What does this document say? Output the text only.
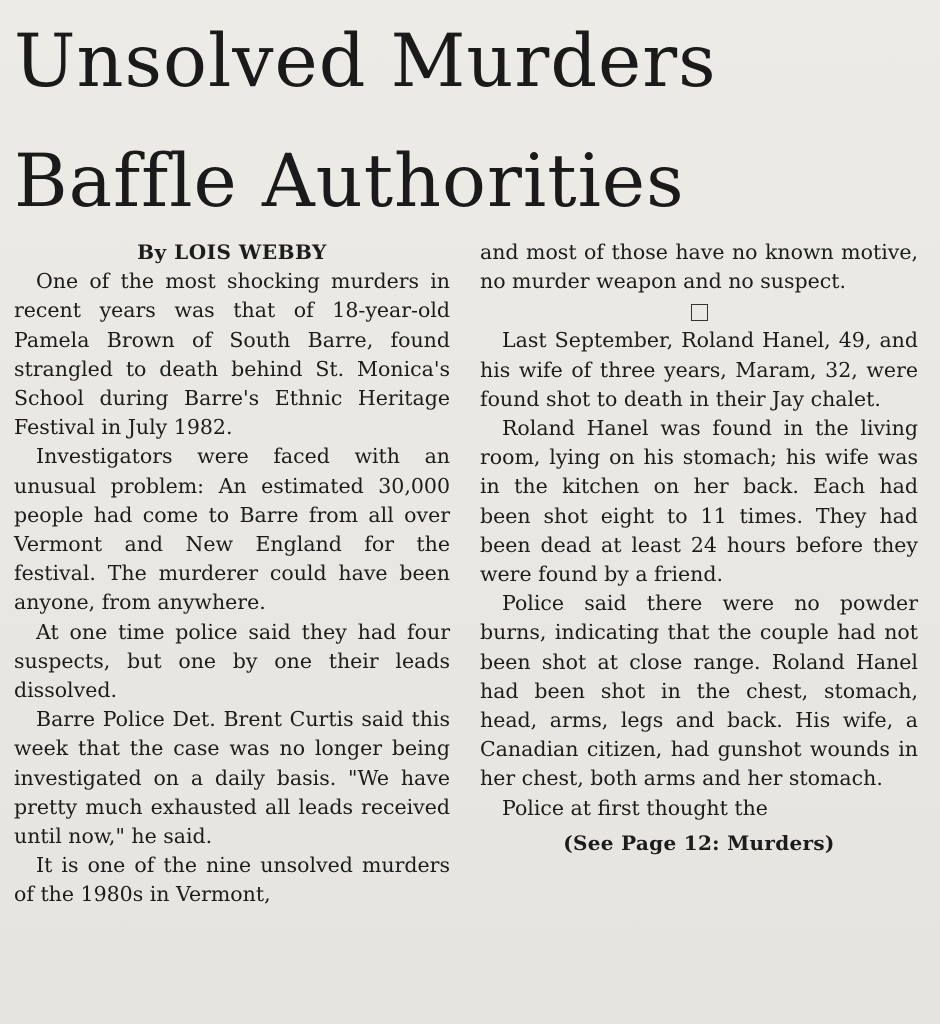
Unsolved Murders
Baffle Authorities
By LOIS WEBBY

One of the most shocking murders in recent years was that of 18-year-old Pamela Brown of South Barre, found strangled to death behind St. Monica's School during Barre's Ethnic Heritage Festival in July 1982.

Investigators were faced with an unusual problem: An estimated 30,000 people had come to Barre from all over Vermont and New England for the festival. The murderer could have been anyone, from anywhere.

At one time police said they had four suspects, but one by one their leads dissolved.

Barre Police Det. Brent Curtis said this week that the case was no longer being investigated on a daily basis. "We have pretty much exhausted all leads received until now," he said.

It is one of the nine unsolved murders of the 1980s in Vermont,

and most of those have no known motive, no murder weapon and no suspect.

Last September, Roland Hanel, 49, and his wife of three years, Maram, 32, were found shot to death in their Jay chalet.

Roland Hanel was found in the living room, lying on his stomach; his wife was in the kitchen on her back. Each had been shot eight to 11 times. They had been dead at least 24 hours before they were found by a friend.

Police said there were no powder burns, indicating that the couple had not been shot at close range. Roland Hanel had been shot in the chest, stomach, head, arms, legs and back. His wife, a Canadian citizen, had gunshot wounds in her chest, both arms and her stomach.

Police at first thought the

(See Page 12: Murders)
